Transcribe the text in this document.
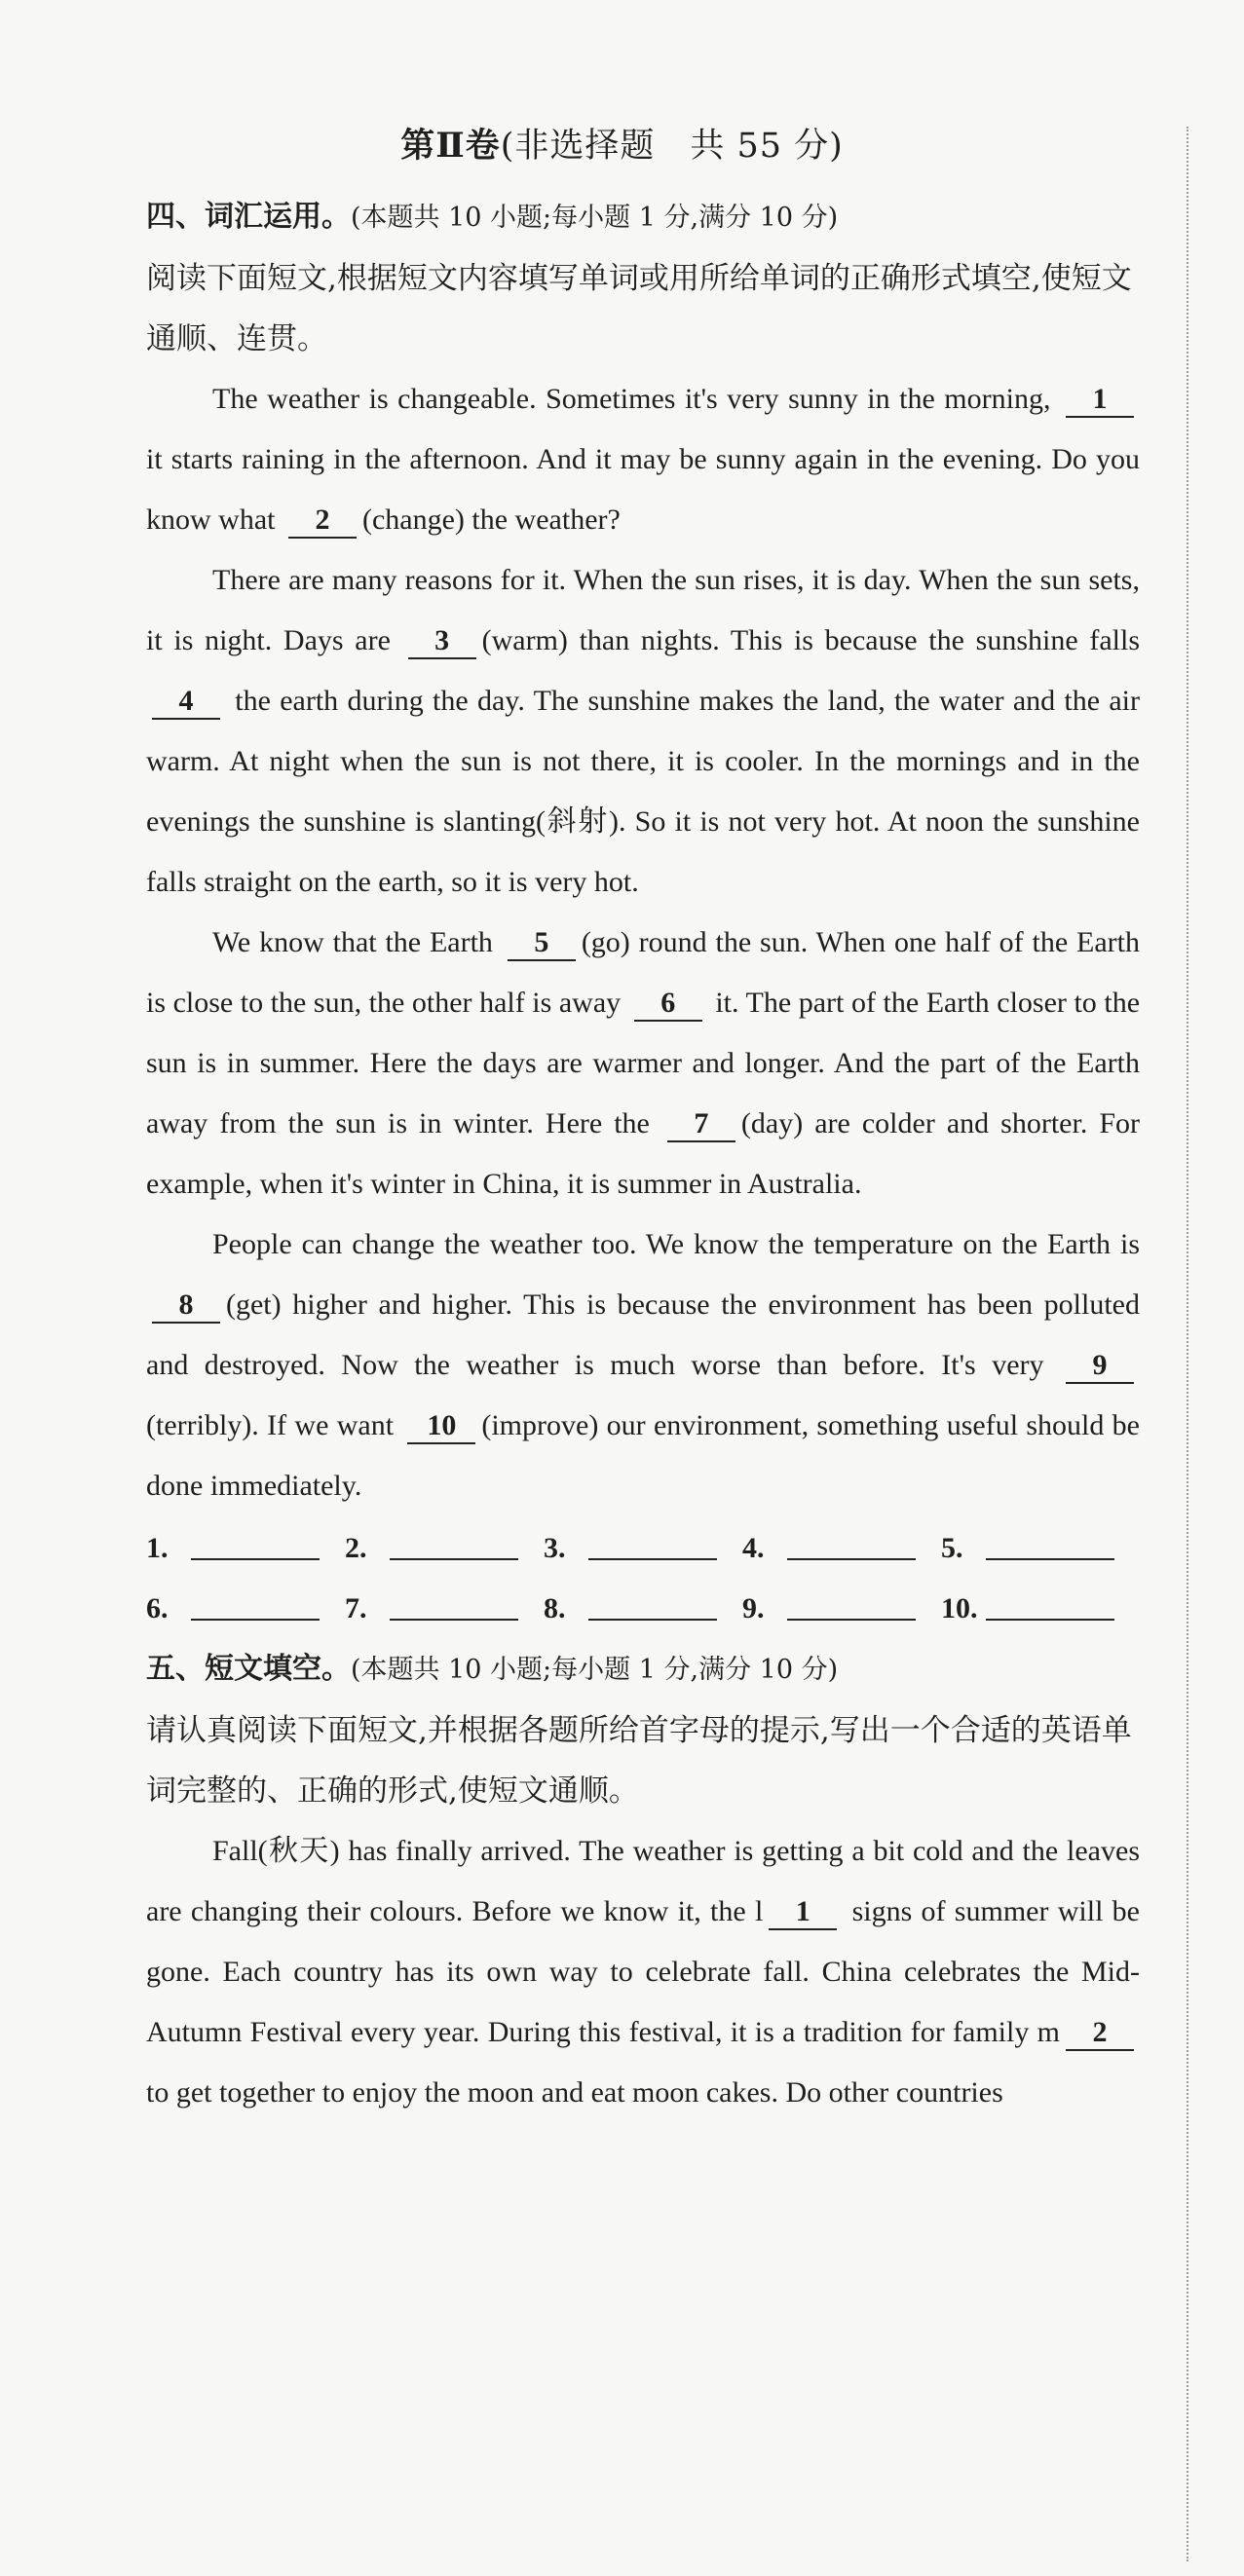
第Ⅱ卷(非选择题　共 55 分)

四、词汇运用。(本题共 10 小题;每小题 1 分,满分 10 分)

阅读下面短文,根据短文内容填写单词或用所给单词的正确形式填空,使短文通顺、连贯。

The weather is changeable. Sometimes it's very sunny in the morning, 1 it starts raining in the afternoon. And it may be sunny again in the evening. Do you know what 2 (change) the weather?

There are many reasons for it. When the sun rises, it is day. When the sun sets, it is night. Days are 3 (warm) than nights. This is because the sunshine falls 4 the earth during the day. The sunshine makes the land, the water and the air warm. At night when the sun is not there, it is cooler. In the mornings and in the evenings the sunshine is slanting(斜射). So it is not very hot. At noon the sunshine falls straight on the earth, so it is very hot.

We know that the Earth 5 (go) round the sun. When one half of the Earth is close to the sun, the other half is away 6 it. The part of the Earth closer to the sun is in summer. Here the days are warmer and longer. And the part of the Earth away from the sun is in winter. Here the 7 (day) are colder and shorter. For example, when it's winter in China, it is summer in Australia.

People can change the weather too. We know the temperature on the Earth is 8 (get) higher and higher. This is because the environment has been polluted and destroyed. Now the weather is much worse than before. It's very 9(terribly). If we want 10 (improve) our environment, something useful should be done immediately.

1.	2.	3.	4.	5.
6.	7.	8.	9.	10.

五、短文填空。(本题共 10 小题;每小题 1 分,满分 10 分)

请认真阅读下面短文,并根据各题所给首字母的提示,写出一个合适的英语单词完整的、正确的形式,使短文通顺。

Fall(秋天) has finally arrived. The weather is getting a bit cold and the leaves are changing their colours. Before we know it, the l 1 signs of summer will be gone. Each country has its own way to celebrate fall. China celebrates the Mid-Autumn Festival every year. During this festival, it is a tradition for family m 2 to get together to enjoy the moon and eat moon cakes. Do other countries
